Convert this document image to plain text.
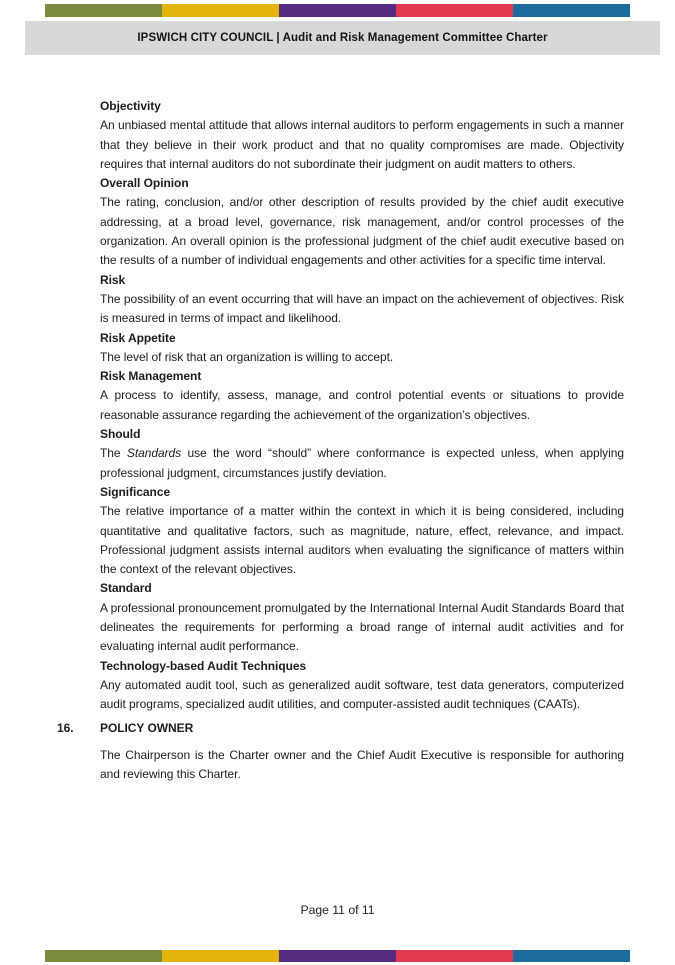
IPSWICH CITY COUNCIL | Audit and Risk Management Committee Charter
Objectivity

An unbiased mental attitude that allows internal auditors to perform engagements in such a manner that they believe in their work product and that no quality compromises are made. Objectivity requires that internal auditors do not subordinate their judgment on audit matters to others.

Overall Opinion

The rating, conclusion, and/or other description of results provided by the chief audit executive addressing, at a broad level, governance, risk management, and/or control processes of the organization. An overall opinion is the professional judgment of the chief audit executive based on the results of a number of individual engagements and other activities for a specific time interval.

Risk

The possibility of an event occurring that will have an impact on the achievement of objectives. Risk is measured in terms of impact and likelihood.

Risk Appetite

The level of risk that an organization is willing to accept.

Risk Management

A process to identify, assess, manage, and control potential events or situations to provide reasonable assurance regarding the achievement of the organization’s objectives.

Should

The Standards use the word “should” where conformance is expected unless, when applying professional judgment, circumstances justify deviation.

Significance

The relative importance of a matter within the context in which it is being considered, including quantitative and qualitative factors, such as magnitude, nature, effect, relevance, and impact. Professional judgment assists internal auditors when evaluating the significance of matters within the context of the relevant objectives.

Standard

A professional pronouncement promulgated by the International Internal Audit Standards Board that delineates the requirements for performing a broad range of internal audit activities and for evaluating internal audit performance.

Technology-based Audit Techniques

Any automated audit tool, such as generalized audit software, test data generators, computerized audit programs, specialized audit utilities, and computer-assisted audit techniques (CAATs).

16. POLICY OWNER

The Chairperson is the Charter owner and the Chief Audit Executive is responsible for authoring and reviewing this Charter.

Page 11 of 11
